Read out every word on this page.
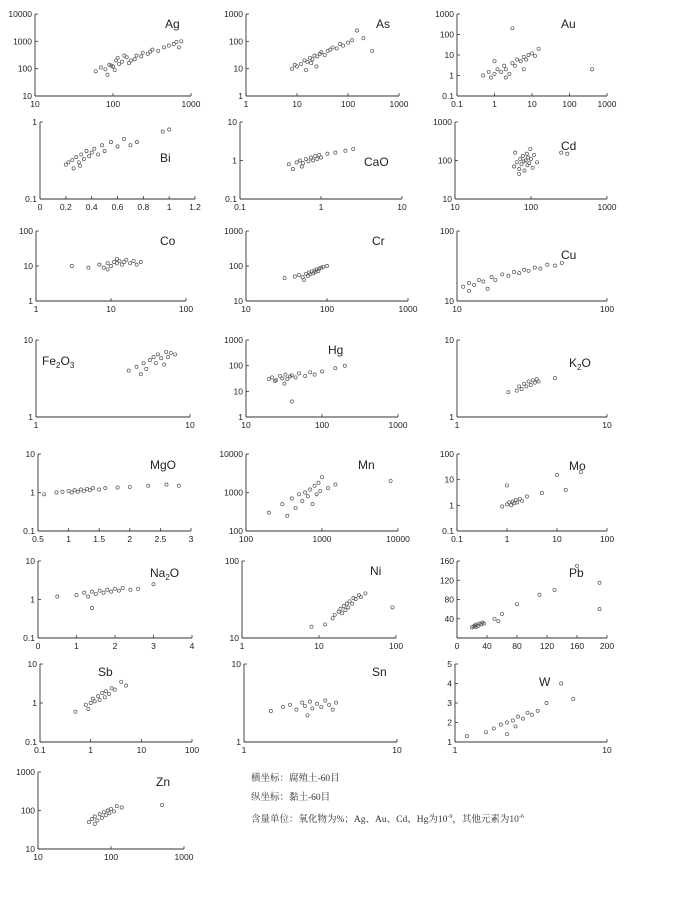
10	100	1000
10
100
1000
10000
Ag
1	10	100	1000
1
10
100
1000
As
0.1	1	10	100 1000
0.1
1
10
100
1000
Au
0 0.2 0.4 0.6 0.8 1 1.2
0.1
1
Bi
0.1	1	10
0.1
1
10
CaO
10	100	1000
10
100
1000
Cd
1	10	100
1
10
100
Co
10	100	1000
10
100
1000
Cr
10	100
10
100
Cu
1	10
1
10
$Fe_2O_3$
10	100	1000
1
10
100
1000
Hg
1	10
1
10
$K_2O$
0.5	1	1.5	2	2.5	3
0.1
1
10
MgO
100	1000	10000
100
1000
10000
Mn
0.1	1	10	100
0.1
1
10
100
Mo
0	1	2	3	4
0.1
1
10
$Na_2O$
1	10	100
10
100
Ni
0	40 80 120 160 200
40
80
120
160
Pb
0.1	1	10	100
0.1
1
10
Sb
1	10
1
10
Sn
1	10
1
2
3
4
5
W
10	100	1000
10
100
1000
Zn	横坐标：腐殖土-60目
纵坐标：黏土-60目
含量单位：氧化物为%；Ag、Au、Cd、Hg为$10^{-9}$，其他元素为$10^{-6}$
